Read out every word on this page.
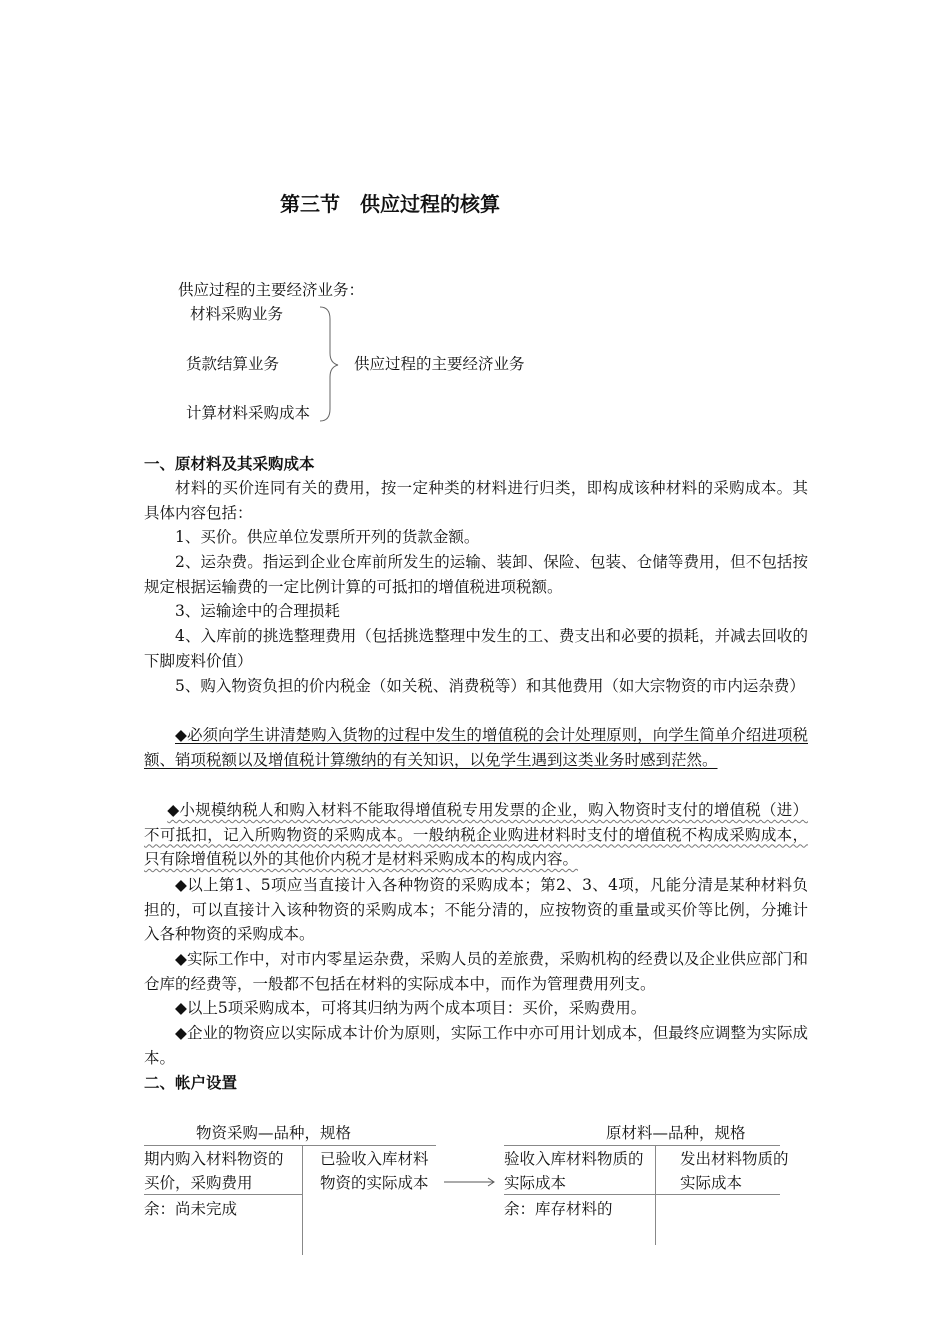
第三节　供应过程的核算
供应过程的主要经济业务：
材料采购业务
货款结算业务
计算材料采购成本
供应过程的主要经济业务
一、原材料及其采购成本
材料的买价连同有关的费用，按一定种类的材料进行归类，即构成该种材料的采购成本。其具体内容包括：
1、买价。供应单位发票所开列的货款金额。
2、运杂费。指运到企业仓库前所发生的运输、装卸、保险、包装、仓储等费用，但不包括按规定根据运输费的一定比例计算的可抵扣的增值税进项税额。
3、运输途中的合理损耗
4、入库前的挑选整理费用（包括挑选整理中发生的工、费支出和必要的损耗，并减去回收的下脚废料价值）
5、购入物资负担的价内税金（如关税、消费税等）和其他费用（如大宗物资的市内运杂费）
◆必须向学生讲清楚购入货物的过程中发生的增值税的会计处理原则，向学生简单介绍进项税额、销项税额以及增值税计算缴纳的有关知识，以免学生遇到这类业务时感到茫然。
◆小规模纳税人和购入材料不能取得增值税专用发票的企业，购入物资时支付的增值税（进）不可抵扣，记入所购物资的采购成本。一般纳税企业购进材料时支付的增值税不构成采购成本，只有除增值税以外的其他价内税才是材料采购成本的构成内容。
◆以上第1、5项应当直接计入各种物资的采购成本；第2、3、4项，凡能分清是某种材料负担的，可以直接计入该种物资的采购成本；不能分清的，应按物资的重量或买价等比例，分摊计入各种物资的采购成本。
◆实际工作中，对市内零星运杂费，采购人员的差旅费，采购机构的经费以及企业供应部门和仓库的经费等，一般都不包括在材料的实际成本中，而作为管理费用列支。
◆以上5项采购成本，可将其归纳为两个成本项目：买价，采购费用。
◆企业的物资应以实际成本计价为原则，实际工作中亦可用计划成本，但最终应调整为实际成本。
二、帐户设置
物资采购—品种，规格
期内购入材料物资的
买价，采购费用
已验收入库材料
物资的实际成本
余：尚未完成
原材料—品种，规格
验收入库材料物质的
实际成本
发出材料物质的
实际成本
余：库存材料的
